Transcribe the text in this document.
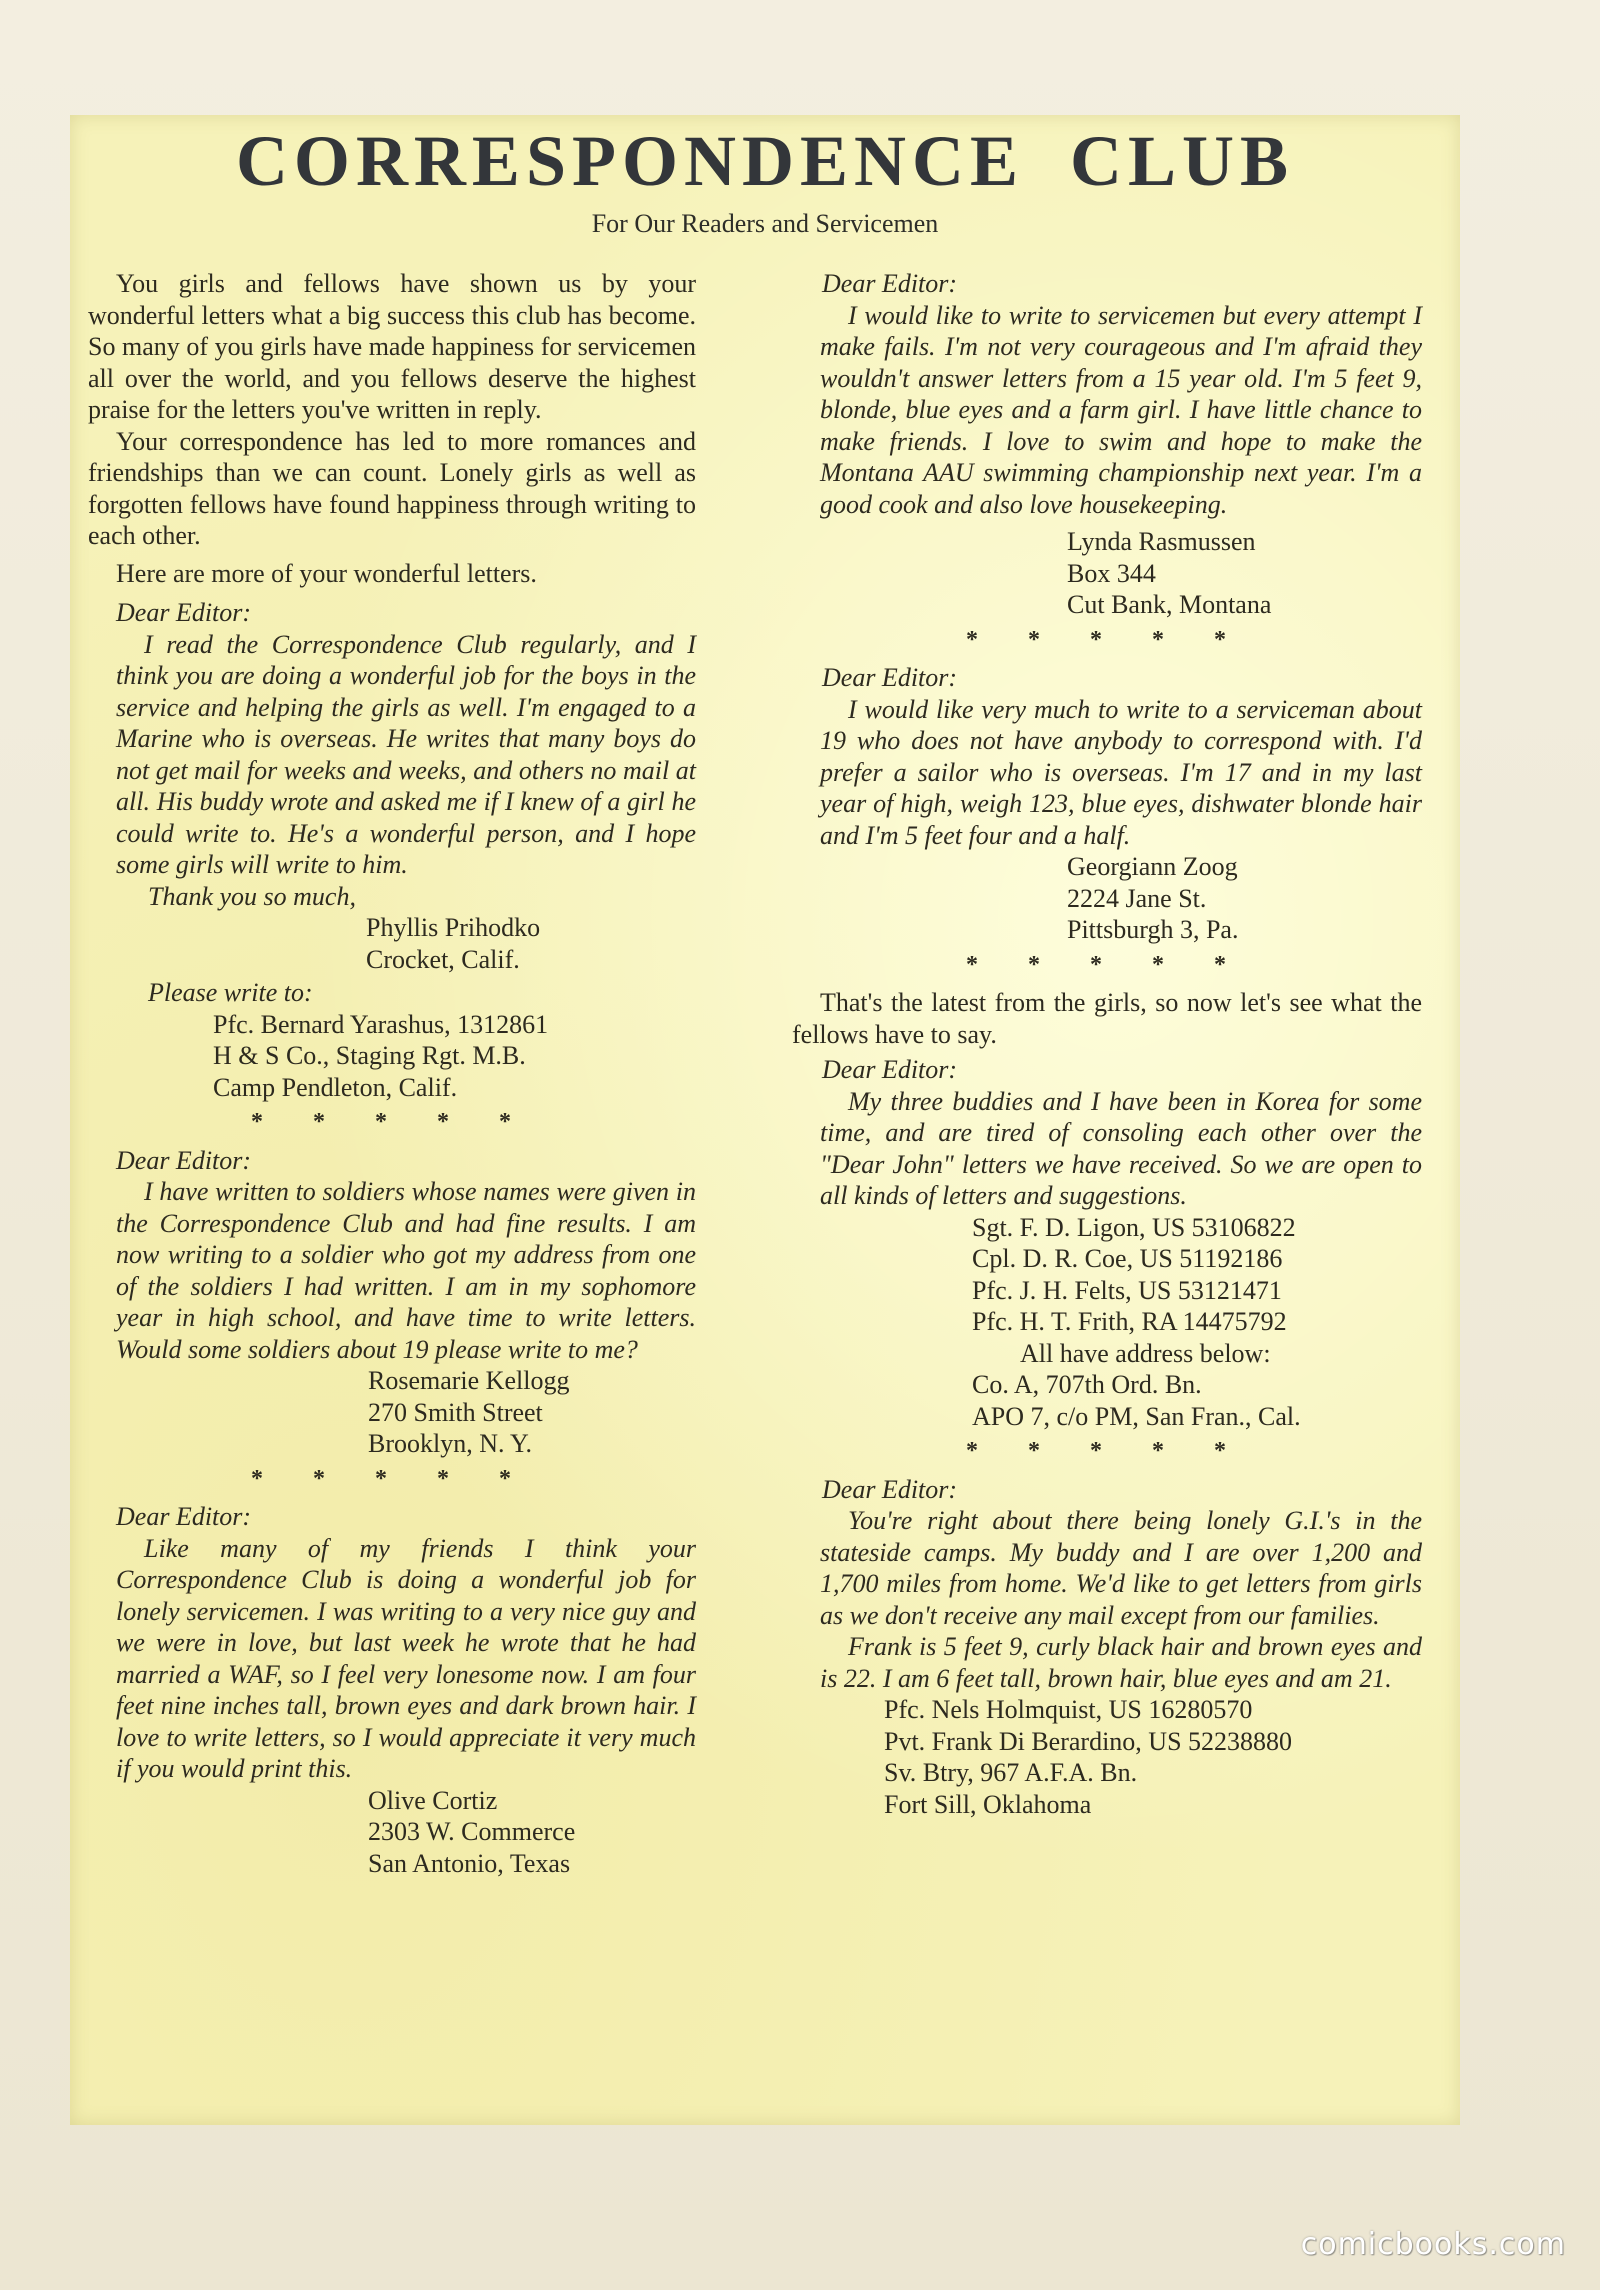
CORRESPONDENCE CLUB
For Our Readers and Servicemen

You girls and fellows have shown us by your wonderful letters what a big success this club has become. So many of you girls have made happiness for servicemen all over the world, and you fellows deserve the highest praise for the letters you've written in reply.

Your correspondence has led to more romances and friendships than we can count. Lonely girls as well as forgotten fellows have found happiness through writing to each other.

Here are more of your wonderful letters.

Dear Editor:

I read the Correspondence Club regularly, and I think you are doing a wonderful job for the boys in the service and helping the girls as well. I'm engaged to a Marine who is overseas. He writes that many boys do not get mail for weeks and weeks, and others no mail at all. His buddy wrote and asked me if I knew of a girl he could write to. He's a wonderful person, and I hope some girls will write to him.

Thank you so much,
Phyllis Prihodko
Crocket, Calif.
Please write to:
Pfc. Bernard Yarashus, 1312861
H & S Co., Staging Rgt. M.B.
Camp Pendleton, Calif.
* * * * *
Dear Editor:

I have written to soldiers whose names were given in the Correspondence Club and had fine results. I am now writing to a soldier who got my address from one of the soldiers I had written. I am in my sophomore year in high school, and have time to write letters. Would some soldiers about 19 please write to me?

Rosemarie Kellogg
270 Smith Street
Brooklyn, N. Y.
* * * * *
Dear Editor:

Like many of my friends I think your Correspondence Club is doing a wonderful job for lonely servicemen. I was writing to a very nice guy and we were in love, but last week he wrote that he had married a WAF, so I feel very lonesome now. I am four feet nine inches tall, brown eyes and dark brown hair. I love to write letters, so I would appreciate it very much if you would print this.

Olive Cortiz
2303 W. Commerce
San Antonio, Texas
Dear Editor:

I would like to write to servicemen but every attempt I make fails. I'm not very courageous and I'm afraid they wouldn't answer letters from a 15 year old. I'm 5 feet 9, blonde, blue eyes and a farm girl. I have little chance to make friends. I love to swim and hope to make the Montana AAU swimming championship next year. I'm a good cook and also love housekeeping.

Lynda Rasmussen
Box 344
Cut Bank, Montana
* * * * *
Dear Editor:

I would like very much to write to a serviceman about 19 who does not have anybody to correspond with. I'd prefer a sailor who is overseas. I'm 17 and in my last year of high, weigh 123, blue eyes, dishwater blonde hair and I'm 5 feet four and a half.

Georgiann Zoog
2224 Jane St.
Pittsburgh 3, Pa.
* * * * *

That's the latest from the girls, so now let's see what the fellows have to say.

Dear Editor:

My three buddies and I have been in Korea for some time, and are tired of consoling each other over the "Dear John" letters we have received. So we are open to all kinds of letters and suggestions.

Sgt. F. D. Ligon, US 53106822
Cpl. D. R. Coe, US 51192186
Pfc. J. H. Felts, US 53121471
Pfc. H. T. Frith, RA 14475792
All have address below:
Co. A, 707th Ord. Bn.
APO 7, c/o PM, San Fran., Cal.
* * * * *
Dear Editor:

You're right about there being lonely G.I.'s in the stateside camps. My buddy and I are over 1,200 and 1,700 miles from home. We'd like to get letters from girls as we don't receive any mail except from our families.

Frank is 5 feet 9, curly black hair and brown eyes and is 22. I am 6 feet tall, brown hair, blue eyes and am 21.

Pfc. Nels Holmquist, US 16280570
Pvt. Frank Di Berardino, US 52238880
Sv. Btry, 967 A.F.A. Bn.
Fort Sill, Oklahoma
comicbooks.com
